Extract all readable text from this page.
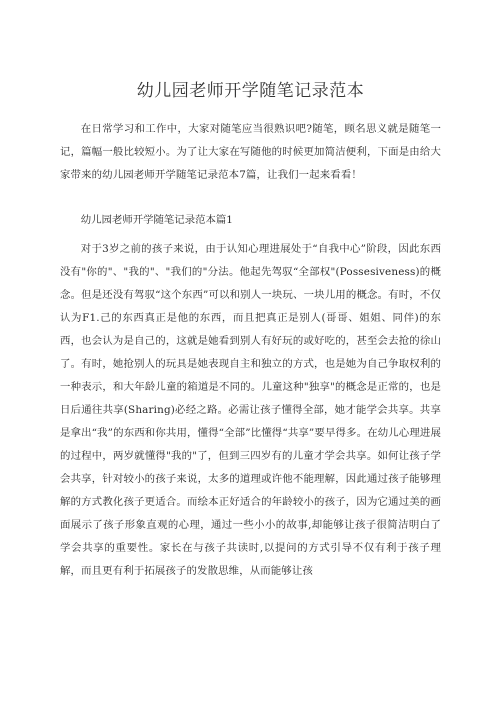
幼儿园老师开学随笔记录范本

在日常学习和工作中，大家对随笔应当很熟识吧?随笔，顾名思义就是随笔一记，篇幅一般比较短小。为了让大家在写随他的时候更加简洁便利，下面是由给大家带来的幼儿园老师开学随笔记录范本7篇，让我们一起来看看！

幼儿园老师开学随笔记录范本篇1

对于3岁之前的孩子来说，由于认知心理进展处于“自我中心”阶段，因此东西没有"你的"、"我的"、"我们的"分法。他起先驾驭“全部权"(Possesiveness)的概念。但是还没有驾驭“这个东西”可以和别人一块玩、一块儿用的概念。有时，不仅认为F1.己的东西真正是他的东西，而且把真正是别人(哥哥、姐姐、同伴)的东西，也会认为是自己的，这就是她看到别人有好玩的或好吃的，甚至会去抢的徐山了。有时，她抢别人的玩具是她表现自主和独立的方式，也是她为自己争取权利的一种表示，和大年龄儿童的箱道是不同的。儿童这种"独享"的概念是正常的，也是日后通往共享(Sharing)必经之路。必需让孩子懂得全部，她才能学会共享。共享是拿出“我”的东西和你共用，懂得“全部”比懂得“共享”要早得多。在幼儿心理进展的过程中，两岁就懂得"我的"了，但到三四岁有的儿童才学会共享。如何让孩子学会共享，针对较小的孩子来说，太多的道理或许他不能理解，因此通过孩子能够理解的方式教化孩子更适合。而绘本正好适合的年龄较小的孩子，因为它通过美的画面展示了孩子形象直观的心理，通过一些小小的故事,却能够让孩子很简洁明白了学会共享的重要性。家长在与孩子共读时,以提问的方式引导不仅有利于孩子理解，而且更有利于拓展孩子的发散思维，从而能够让孩
